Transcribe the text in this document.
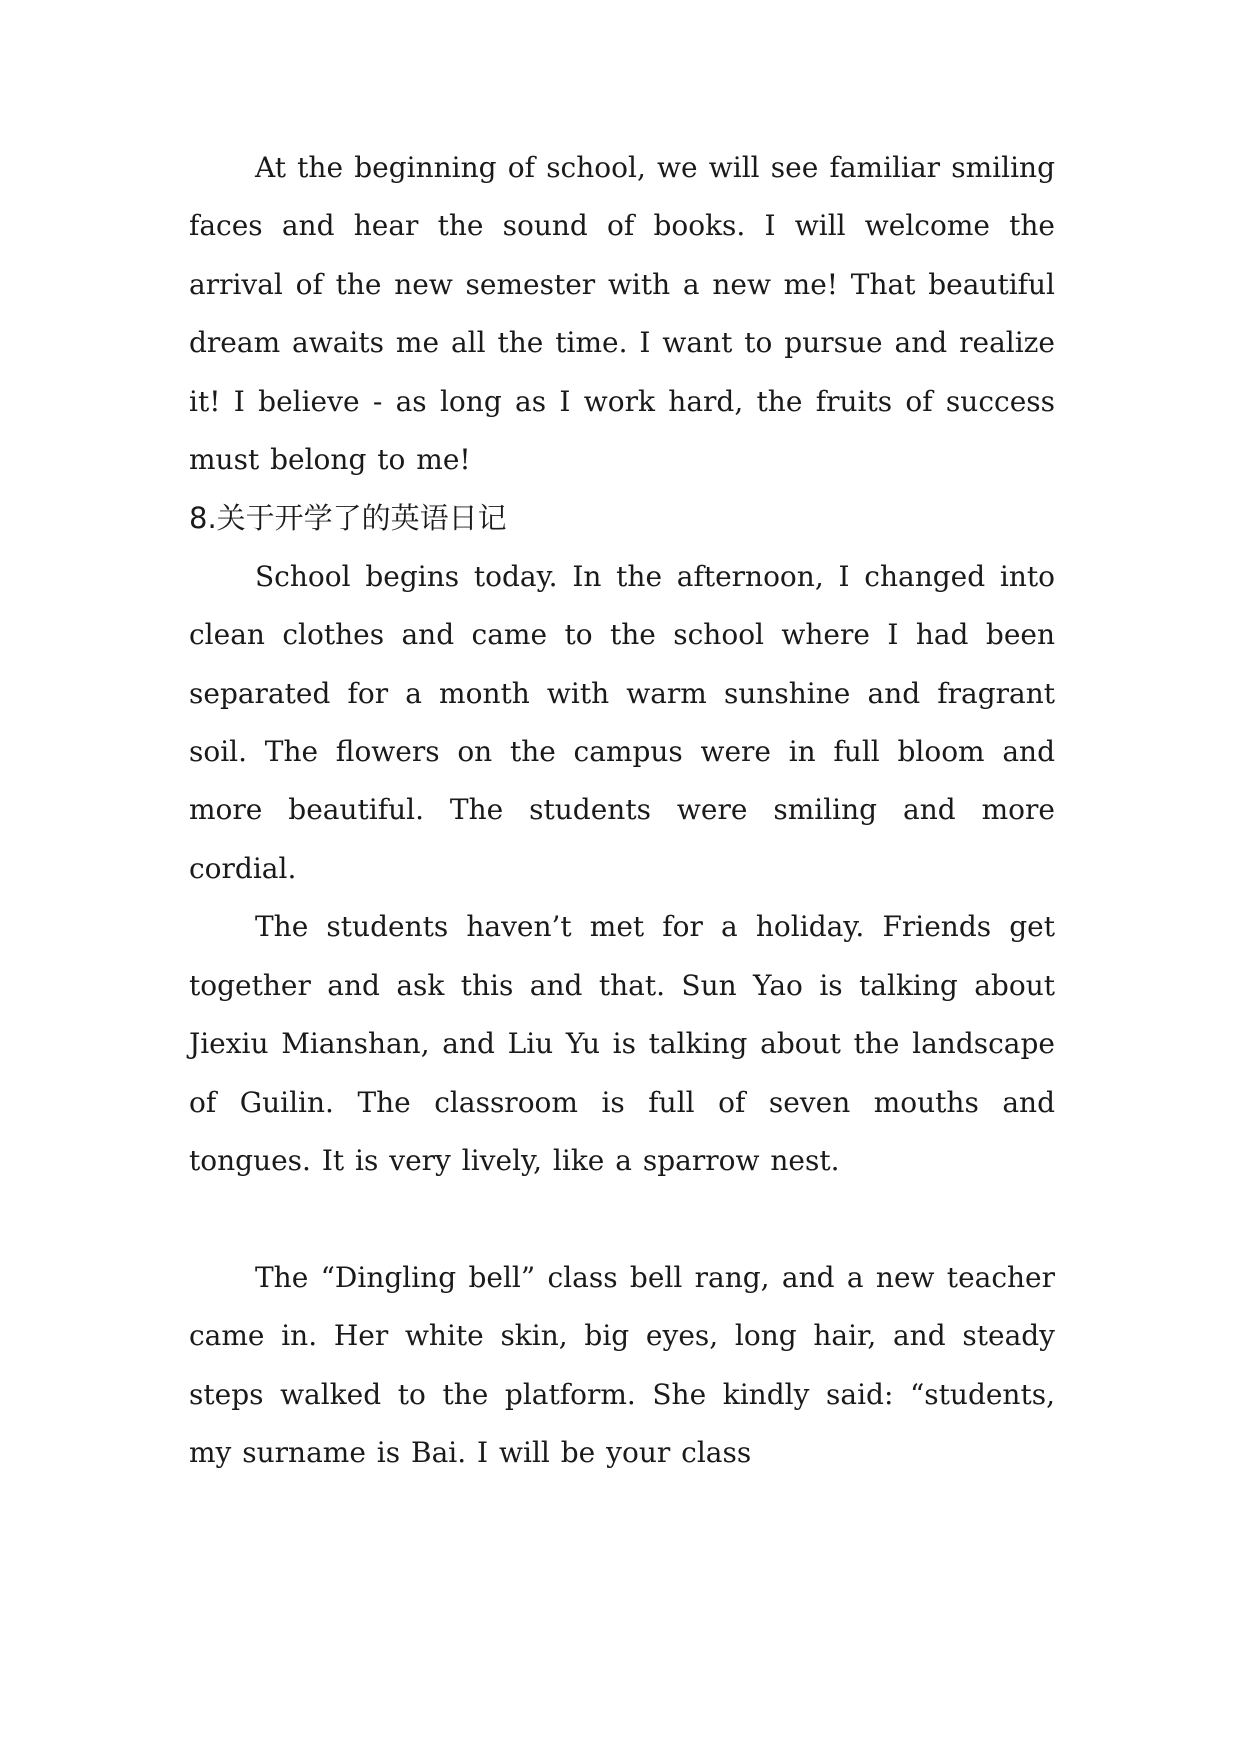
At the beginning of school, we will see familiar smiling faces and hear the sound of books. I will welcome the arrival of the new semester with a new me! That beautiful dream awaits me all the time. I want to pursue and realize it! I believe - as long as I work hard, the fruits of success must belong to me!

8.关于开学了的英语日记

School begins today. In the afternoon, I changed into clean clothes and came to the school where I had been separated for a month with warm sunshine and fragrant soil. The flowers on the campus were in full bloom and more beautiful. The students were smiling and more cordial.

The students haven’t met for a holiday. Friends get together and ask this and that. Sun Yao is talking about Jiexiu Mianshan, and Liu Yu is talking about the landscape of Guilin. The classroom is full of seven mouths and tongues. It is very lively, like a sparrow nest.

The “Dingling bell” class bell rang, and a new teacher came in. Her white skin, big eyes, long hair, and steady steps walked to the platform. She kindly said: “students, my surname is Bai. I will be your class
